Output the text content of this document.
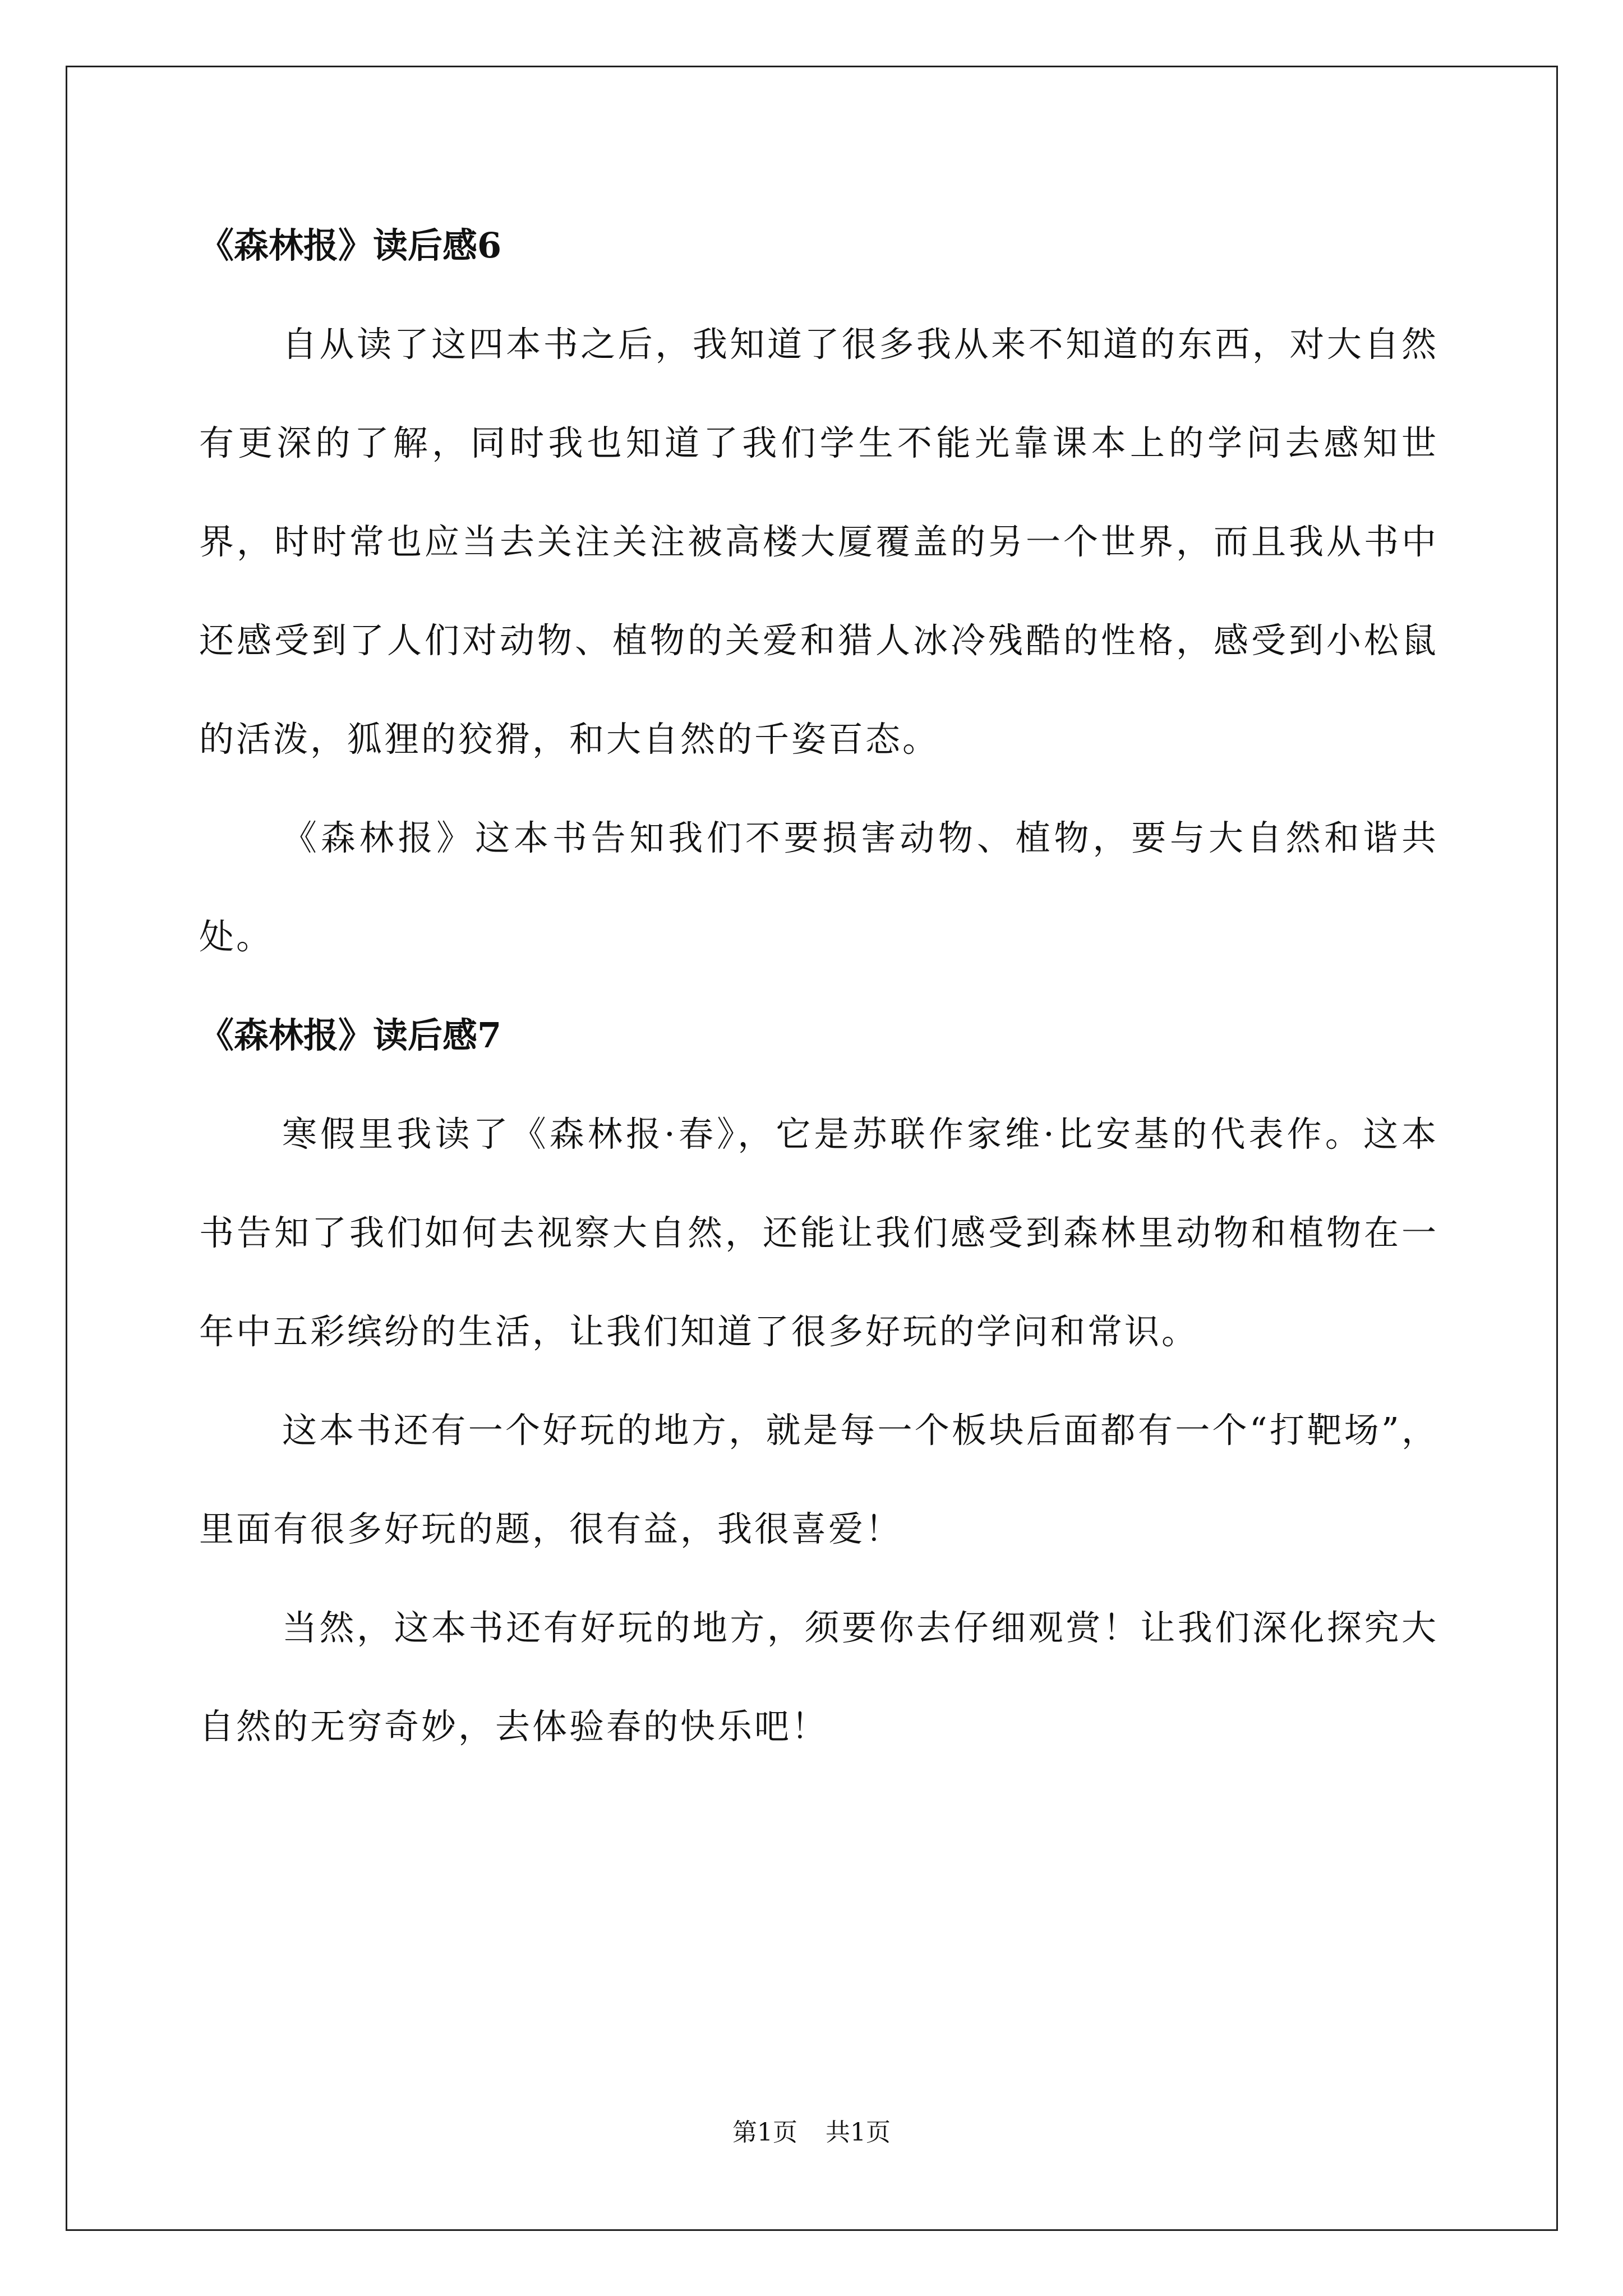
《森林报》读后感6

自从读了这四本书之后，我知道了很多我从来不知道的东西，对大自然有更深的了解，同时我也知道了我们学生不能光靠课本上的学问去感知世界，时时常也应当去关注关注被高楼大厦覆盖的另一个世界，而且我从书中还感受到了人们对动物、植物的关爱和猎人冰冷残酷的性格，感受到小松鼠的活泼，狐狸的狡猾，和大自然的千姿百态。

《森林报》这本书告知我们不要损害动物、植物，要与大自然和谐共处。

《森林报》读后感7

寒假里我读了《森林报·春》，它是苏联作家维·比安基的代表作。这本书告知了我们如何去视察大自然，还能让我们感受到森林里动物和植物在一年中五彩缤纷的生活，让我们知道了很多好玩的学问和常识。

这本书还有一个好玩的地方，就是每一个板块后面都有一个“打靶场”，里面有很多好玩的题，很有益，我很喜爱！

当然，这本书还有好玩的地方，须要你去仔细观赏！让我们深化探究大自然的无穷奇妙，去体验春的快乐吧！

第1页 共1页
